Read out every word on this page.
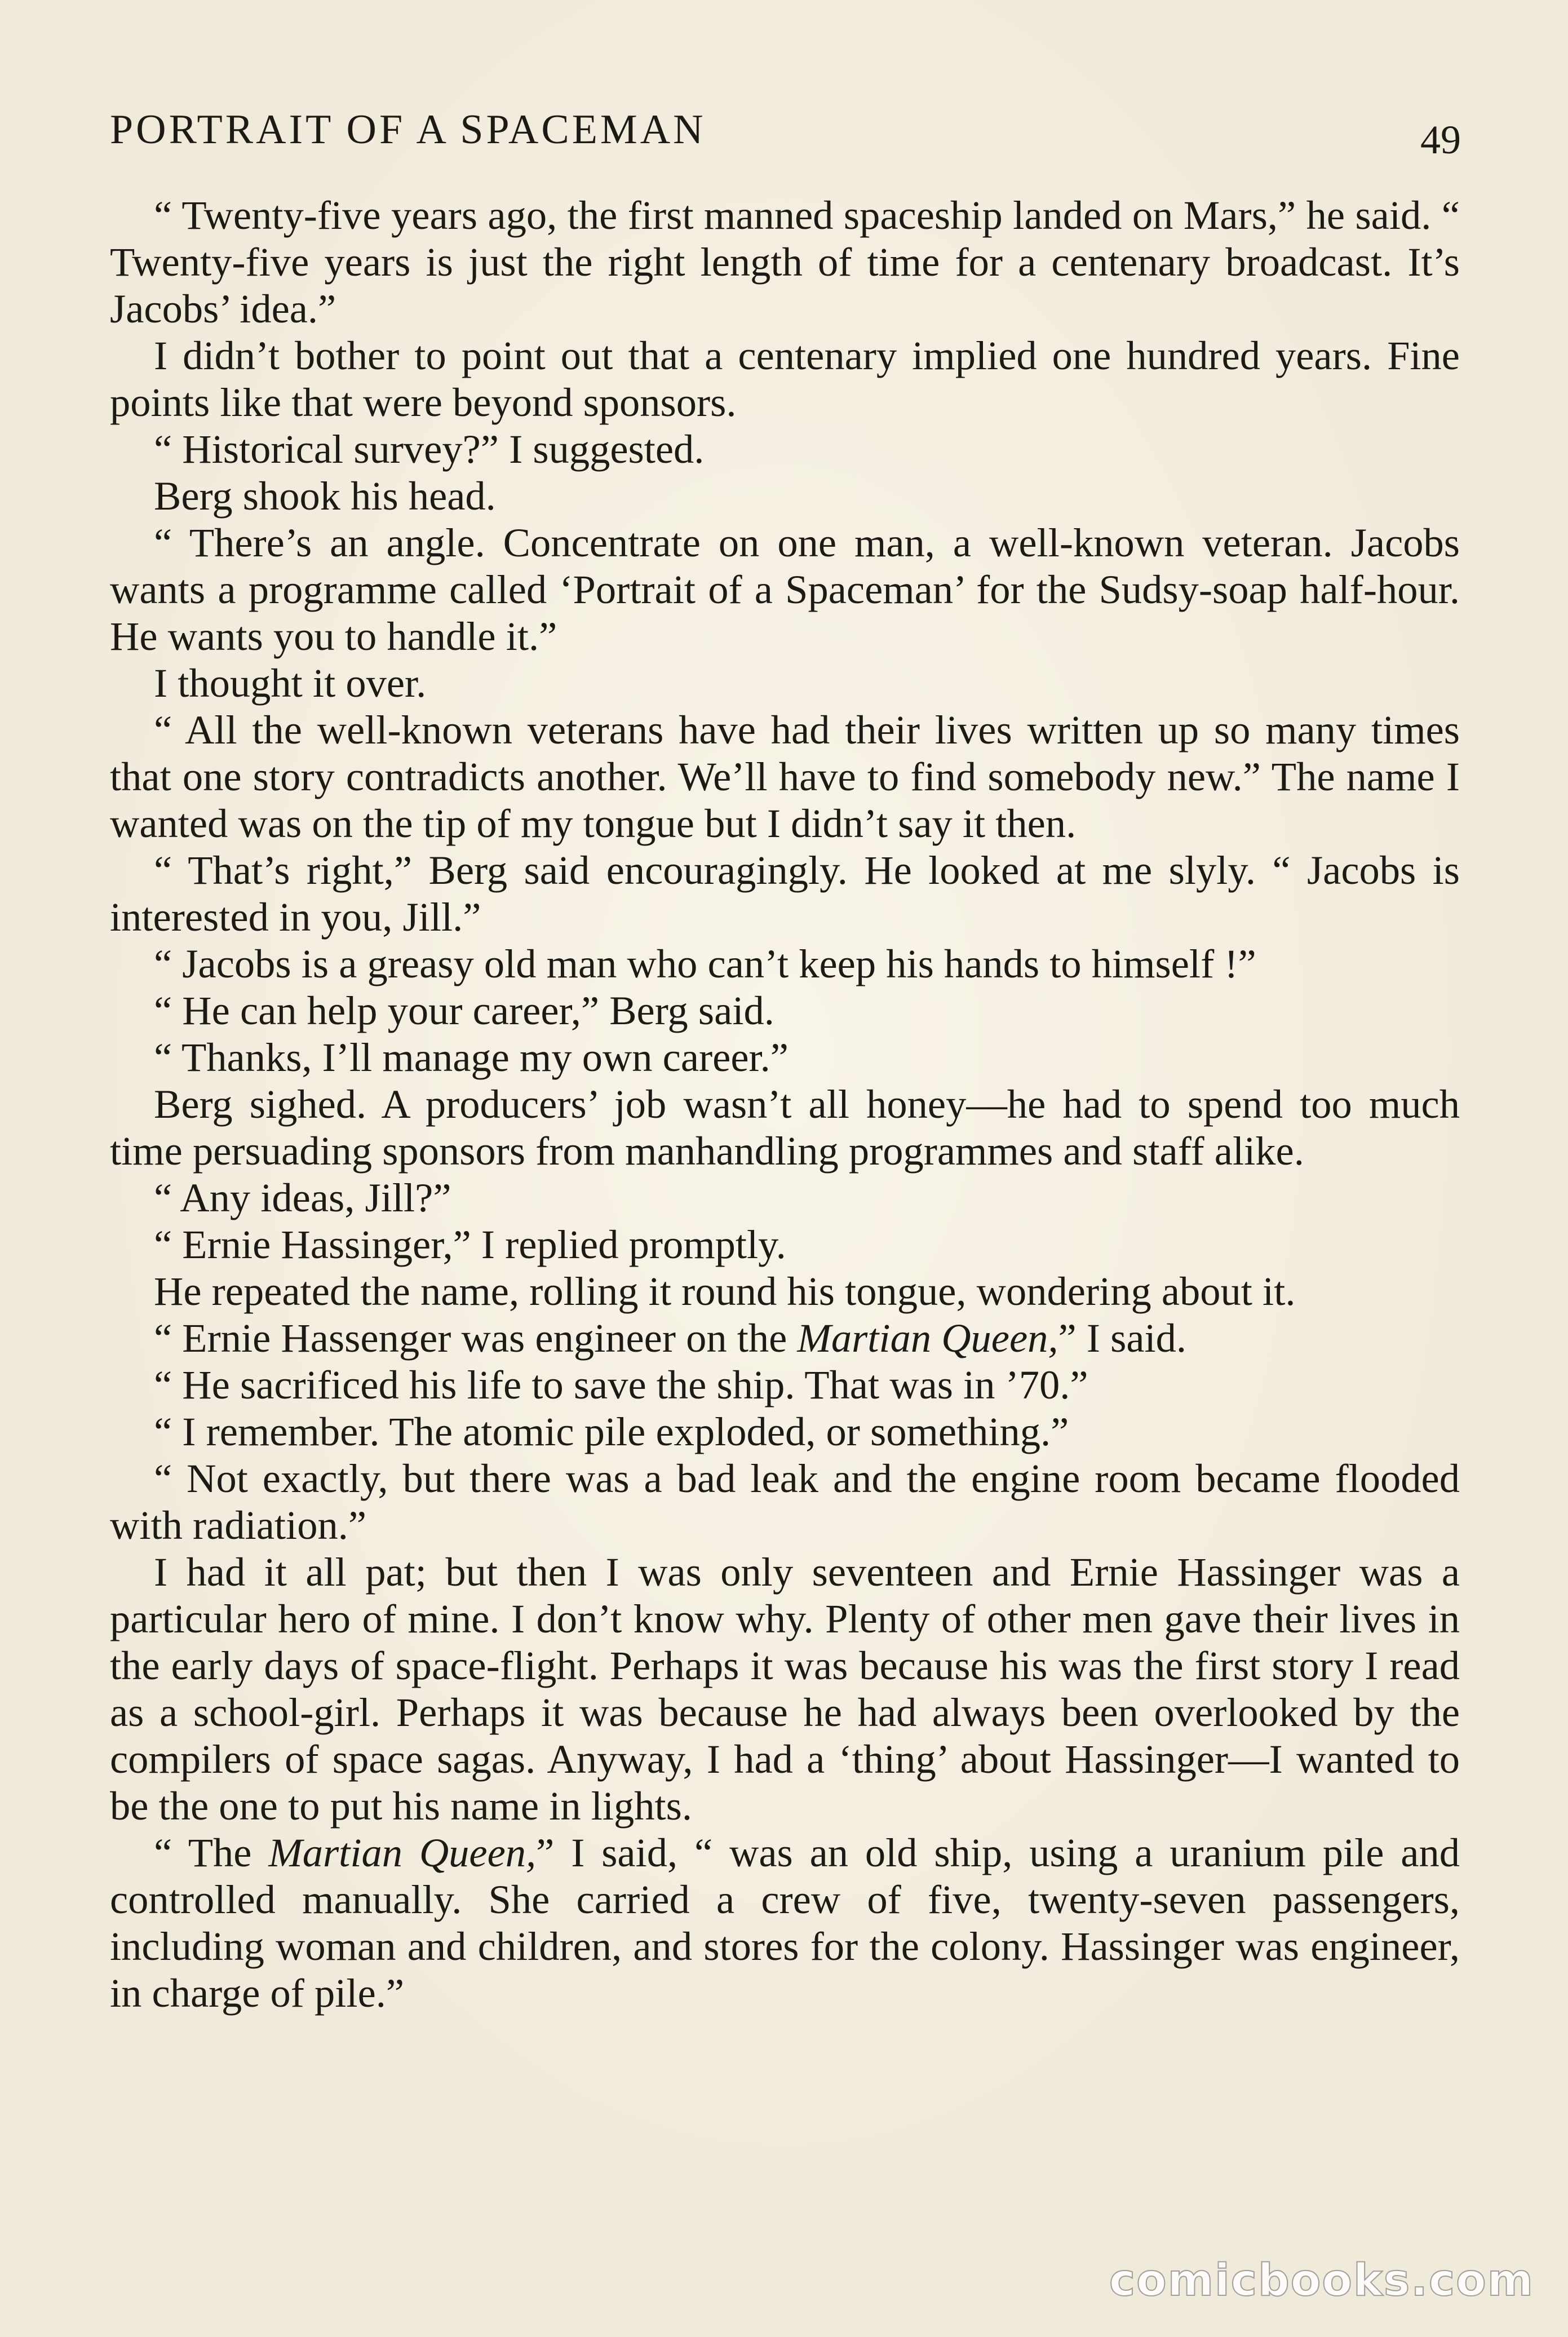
PORTRAIT OF A SPACEMAN	49

“ Twenty-five years ago, the first manned spaceship landed on Mars,” he said. “ Twenty-five years is just the right length of time for a centenary broadcast. It’s Jacobs’ idea.”

I didn’t bother to point out that a centenary implied one hundred years. Fine points like that were beyond sponsors.

“ Historical survey?” I suggested.

Berg shook his head.

“ There’s an angle. Concentrate on one man, a well-known veteran. Jacobs wants a programme called ‘Portrait of a Spaceman’ for the Sudsy-soap half-hour. He wants you to handle it.”

I thought it over.

“ All the well-known veterans have had their lives written up so many times that one story contradicts another. We’ll have to find somebody new.” The name I wanted was on the tip of my tongue but I didn’t say it then.

“ That’s right,” Berg said encouragingly. He looked at me slyly. “ Jacobs is interested in you, Jill.”

“ Jacobs is a greasy old man who can’t keep his hands to himself !”

“ He can help your career,” Berg said.

“ Thanks, I’ll manage my own career.”

Berg sighed. A producers’ job wasn’t all honey—he had to spend too much time persuading sponsors from manhandling programmes and staff alike.

“ Any ideas, Jill?”

“ Ernie Hassinger,” I replied promptly.

He repeated the name, rolling it round his tongue, wondering about it.

“ Ernie Hassenger was engineer on the Martian Queen,” I said.

“ He sacrificed his life to save the ship. That was in ’70.”

“ I remember. The atomic pile exploded, or something.”

“ Not exactly, but there was a bad leak and the engine room became flooded with radiation.”

I had it all pat; but then I was only seventeen and Ernie Hassinger was a particular hero of mine. I don’t know why. Plenty of other men gave their lives in the early days of space-flight. Perhaps it was because his was the first story I read as a school-girl. Perhaps it was because he had always been overlooked by the compilers of space sagas. Anyway, I had a ‘thing’ about Hassinger—I wanted to be the one to put his name in lights.

“ The Martian Queen,” I said, “ was an old ship, using a uranium pile and controlled manually. She carried a crew of five, twenty-seven passengers, including woman and children, and stores for the colony. Hassinger was engineer, in charge of pile.”

comicbooks.com
